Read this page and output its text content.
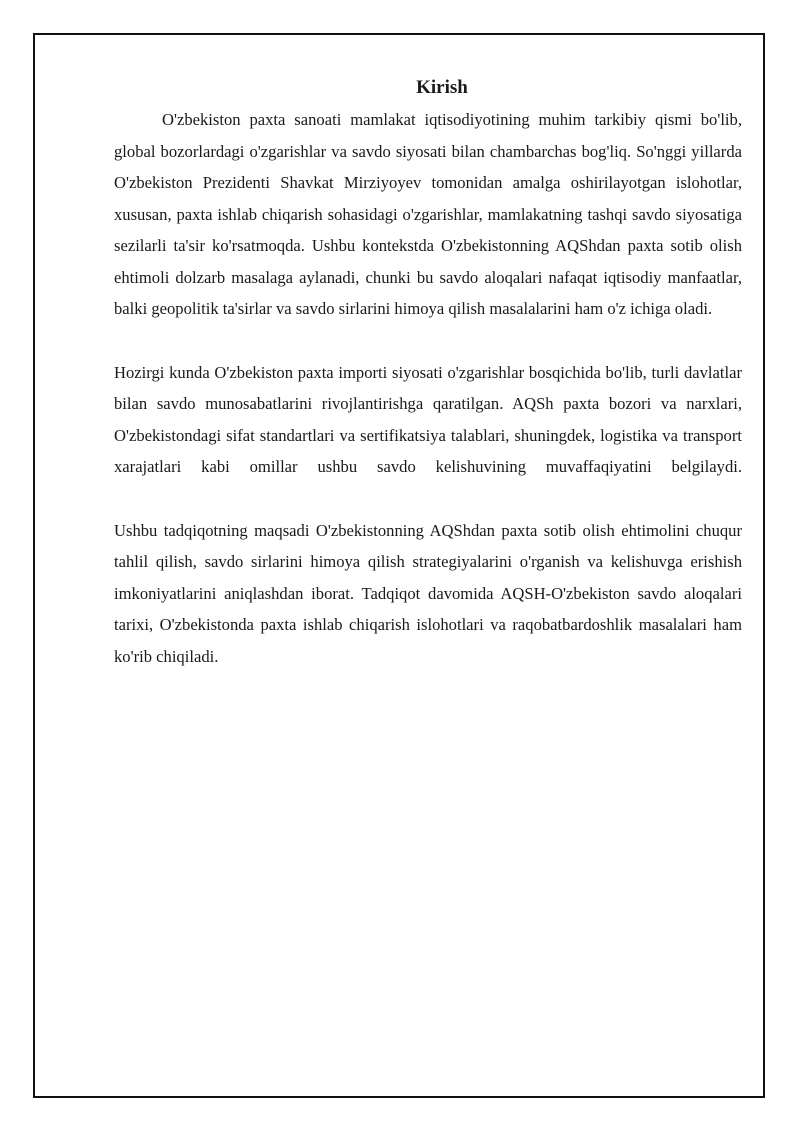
Kirish

O'zbekiston paxta sanoati mamlakat iqtisodiyotining muhim tarkibiy qismi bo'lib, global bozorlardagi o'zgarishlar va savdo siyosati bilan chambarchas bog'liq. So'nggi yillarda O'zbekiston Prezidenti Shavkat Mirziyoyev tomonidan amalga oshirilayotgan islohotlar, xususan, paxta ishlab chiqarish sohasidagi o'zgarishlar, mamlakatning tashqi savdo siyosatiga sezilarli ta'sir ko'rsatmoqda. Ushbu kontekstda O'zbekistonning AQShdan paxta sotib olish ehtimoli dolzarb masalaga aylanadi, chunki bu savdo aloqalari nafaqat iqtisodiy manfaatlar, balki geopolitik ta'sirlar va savdo sirlarini himoya qilish masalalarini ham o'z ichiga oladi.

Hozirgi kunda O'zbekiston paxta importi siyosati o'zgarishlar bosqichida bo'lib, turli davlatlar bilan savdo munosabatlarini rivojlantirishga qaratilgan. AQSh paxta bozori va narxlari, O'zbekistondagi sifat standartlari va sertifikatsiya talablari, shuningdek, logistika va transport xarajatlari kabi omillar ushbu savdo kelishuvining muvaffaqiyatini belgilaydi.

Ushbu tadqiqotning maqsadi O'zbekistonning AQShdan paxta sotib olish ehtimolini chuqur tahlil qilish, savdo sirlarini himoya qilish strategiyalarini o'rganish va kelishuvga erishish imkoniyatlarini aniqlashdan iborat. Tadqiqot davomida AQSH-O'zbekiston savdo aloqalari tarixi, O'zbekistonda paxta ishlab chiqarish islohotlari va raqobatbardoshlik masalalari ham ko'rib chiqiladi.
